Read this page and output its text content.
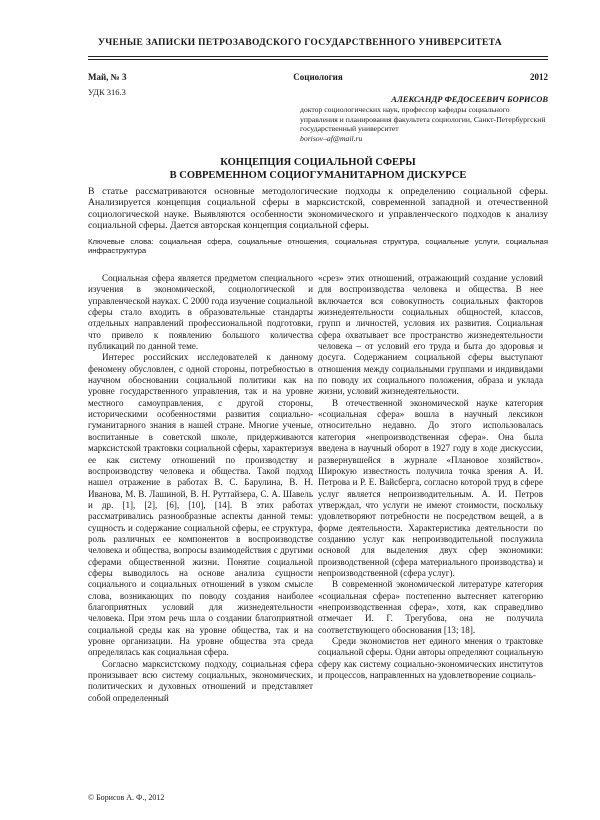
УЧЕНЫЕ ЗАПИСКИ ПЕТРОЗАВОДСКОГО ГОСУДАРСТВЕННОГО УНИВЕРСИТЕТА
Социология
Май, № 3	2012
УДК 316.3
АЛЕКСАНДР ФЕДОСЕЕВИЧ БОРИСОВ
доктор социологических наук, профессор кафедры социального управления и планирования факультета социологии, Санкт-Петербургский государственный университет
borisov–af@mail.ru
КОНЦЕПЦИЯ СОЦИАЛЬНОЙ СФЕРЫ
В СОВРЕМЕННОМ СОЦИОГУМАНИТАРНОМ ДИСКУРСЕ
В статье рассматриваются основные методологические подходы к определению социальной сферы. Анализируется концепция социальной сферы в марксистской, современной западной и отечественной социологической науке. Выявляются особенности экономического и управленческого подходов к анализу социальной сферы. Дается авторская концепция социальной сферы.
Ключевые слова: социальная сфера, социальные отношения, социальная структура, социальные услуги, социальная инфраструктура

Социальная сфера является предметом специального изучения в экономической, социологической и управленческой науках. С 2000 года изучение социальной сферы стало входить в образовательные стандарты отдельных направлений профессиональной подготовки, что привело к появлению большого количества публикаций по данной теме.

Интерес российских исследователей к данному феномену обусловлен, с одной стороны, потребностью в научном обосновании социальной политики как на уровне государственного управления, так и на уровне местного самоуправления, с другой стороны, историческими особенностями развития социально-гуманитарного знания в нашей стране. Многие ученые, воспитанные в советской школе, придерживаются марксистской трактовки социальной сферы, характеризуя ее как систему отношений по производству и воспроизводству человека и общества. Такой подход нашел отражение в работах В. С. Барулина, В. Н. Иванова, М. В. Лашиной, В. Н. Руттайзера, С. А. Шавель и др. [1], [2], [6], [10], [14]. В этих работах рассматривались разнообразные аспекты данной темы: сущность и содержание социальной сферы, ее структура, роль различных ее компонентов в воспроизводстве человека и общества, вопросы взаимодействия с другими сферами общественной жизни. Понятие социальной сферы выводилось на основе анализа сущности социального и социальных отношений в узком смысле слова, возникающих по поводу создания наиболее благоприятных условий для жизнедеятельности человека. При этом речь шла о создании благоприятной социальной среды как на уровне общества, так и на уровне организации. На уровне общества эта среда определялась как социальная сфера.

Согласно марксистскому подходу, социальная сфера пронизывает всю систему социальных, экономических, политических и духовных отношений и представляет собой определенный

«срез» этих отношений, отражающий создание условий для воспроизводства человека и общества. В нее включается вся совокупность социальных факторов жизнедеятельности социальных общностей, классов, групп и личностей, условия их развития. Социальная сфера охватывает все пространство жизнедеятельности человека – от условий его труда и быта до здоровья и досуга. Содержанием социальной сферы выступают отношения между социальными группами и индивидами по поводу их социального положения, образа и уклада жизни, условий жизнедеятельности.

В отечественной экономической науке категория «социальная сфера» вошла в научный лексикон относительно недавно. До этого использовалась категория «непроизводственная сфера». Она была введена в научный оборот в 1927 году в ходе дискуссии, развернувшейся в журнале «Плановое хозяйство». Широкую известность получила точка зрения А. И. Петрова и Р. Е. Вайсберга, согласно которой труд в сфере услуг является непроизводительным. А. И. Петров утверждал, что услуги не имеют стоимости, поскольку удовлетворяют потребности не посредством вещей, а в форме деятельности. Характеристика деятельности по созданию услуг как непроизводительной послужила основой для выделения двух сфер экономики: производственной (сфера материального производства) и непроизводственной (сфера услуг).

В современной экономической литературе категория «социальная сфера» постепенно вытесняет категорию «непроизводственная сфера», хотя, как справедливо отмечает И. Г. Трегубова, она не получила соответствующего обоснования [13; 18].

Среди экономистов нет единого мнения о трактовке социальной сферы. Одни авторы определяют социальную сферу как систему социально-экономических институтов и процессов, направленных на удовлетворение социаль-

© Борисов А. Ф., 2012
